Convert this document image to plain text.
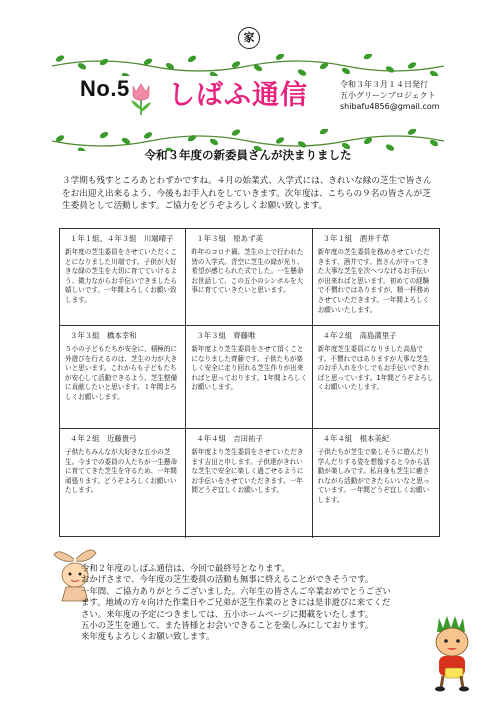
家
No.5 しばふ通信	令和３年３月１４日発行
五小グリーンプロジェクト
shibafu4856@gmail.com
令和３年度の新委員さんが決まりました
３学期も残すところあとわずかですね。４月の始業式、入学式には、きれいな緑の芝生で皆さんをお出迎え出来るよう、今後もお手入れをしていきます。次年度は、こちらの９名の皆さんが芝生委員として活動します。ご協力をどうぞよろしくお願い致します。
１年１組、４年３組　川端晴子
新年度の芝生委員をさせていただくことになりました川端です。子供が大好きな緑の芝生を大切に育てていけるよう、微力ながらお手伝いできましたら嬉しいです。一年間よろしくお願い致します。
１年３組　原あず美
昨年のコロナ禍、芝生の上で行われた皆の入学式。青空に芝生の緑が光り、希望が感じられた式でした。一生懸命お世話して、この五小のシンボルを大事に育てていきたいと思います。
３年１組　酒井千草
新年度の芝生委員を務めさせていただきます、酒井です。皆さんが守ってきた大事な芝生を次へつなげるお手伝いが出来ればと思います。初めての経験で不慣れではありますが、精一杯務めさせていただきます。一年間よろしくお願いいたします。
３年３組　橋本幸和
５小の子どもたちが安全に、積極的に外遊びを行えるのは、芝生の力が大きいと思います。これからも子どもたちが安心して活動できるよう、芝生整備に貢献したいと思います。１年間よろしくお願いします。
３年３組　齊藤唯
新年度より芝生委員をさせて頂くことになりました齊藤です。子供たちが楽しく安全に走り回れる芝生作りが出来ればと思っております。1年間よろしくお願いします。
４年２組　高島満里子
新年度芝生委員になりました高島です。不慣れではありますが大事な芝生のお手入れを少しでもお手伝いできればと思っています。1年間どうぞよろしくお願いいたします。
４年２組　近藤貴弓
子供たちみんなが大好きな五小の芝生。今までの委員の人たちが一生懸命に育ててきた芝生を守るため、一年間頑張ります。どうぞよろしくお願いいたします。
４年４組　吉田祐子
新年度より芝生委員をさせていただきます吉田と申します。子供達がきれいな芝生で安全に楽しく過ごせるようにお手伝いをさせていただきます。一年間どうぞ宜しくお願いします。
４年４組　根本美紀
子供たちが芝生で楽しそうに遊んだり学んだりする姿を想像すると今から活動が楽しみです。私自身も芝生に癒されながら活動ができたらいいなと思っています。一年間どうぞ宜しくお願いします。
令和２年度のしばふ通信は、今回で最終号となります。
おかげさまで、今年度の芝生委員の活動も無事に終えることができそうです。
一年間、ご協力ありがとうございました。六年生の皆さんご卒業おめでとうござい
ます。地域の方々向けた作業日やご兄弟が芝生作業のときには是非遊びに来てくだ
さい。来年度の予定につきましては、五小ホームページに掲載をいたします。
五小の芝生を通して、また皆様とお会いできることを楽しみにしております。
来年度もよろしくお願い致します。
